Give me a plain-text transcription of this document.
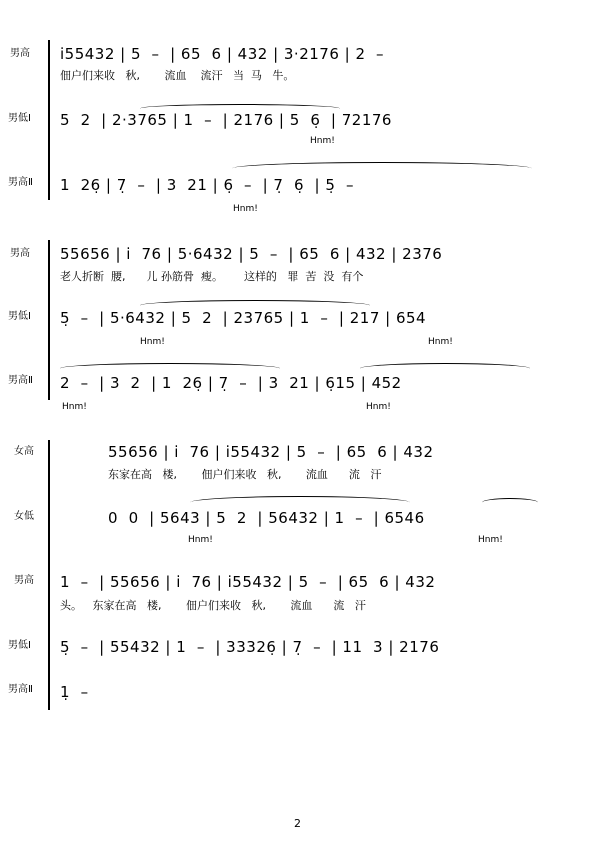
男高
男低Ⅰ
男高Ⅱ
i̇55432 | 5  –  | 65  6 | 432 | 3·2176 | 2  –
佃户们来收   秋,       流血    流汗   当  马   牛。
5  2  | 2·3765 | 1  –  | 2176 | 5  6̣  | 72176
Hnm!
1  26̣ | 7̣  –  | 3  21 | 6̣  –  | 7̣  6̣  | 5̣  –
Hnm!
男高
男低Ⅰ
男高Ⅱ
55656 | i̇  76 | 5·6432 | 5  –  | 65  6 | 432 | 2376
老人折断  腰,      儿 孙筋骨  瘦。      这样的   罪  苦  没  有个
5̣  –  | 5·6432 | 5  2  | 23765 | 1  –  | 217 | 654
Hnm!	Hnm!
2  –  | 3  2  | 1  26̣ | 7̣  –  | 3  21 | 6̣15 | 452
Hnm!	Hnm!
女高
女低
男高
男低Ⅰ
男高Ⅱ
55656 | i̇  76 | i̇55432 | 5  –  | 65  6 | 432
东家在高   楼,       佃户们来收   秋,       流血      流   汗
0  0  | 5643 | 5  2  | 56432 | 1  –  | 6546
Hnm!	Hnm!
1  –  | 55656 | i̇  76 | i̇55432 | 5  –  | 65  6 | 432
头。   东家在高   楼,       佃户们来收   秋,       流血      流   汗
5̣  –  | 55432 | 1  –  | 33326̣ | 7̣  –  | 11  3 | 2176
1̣  –
2
